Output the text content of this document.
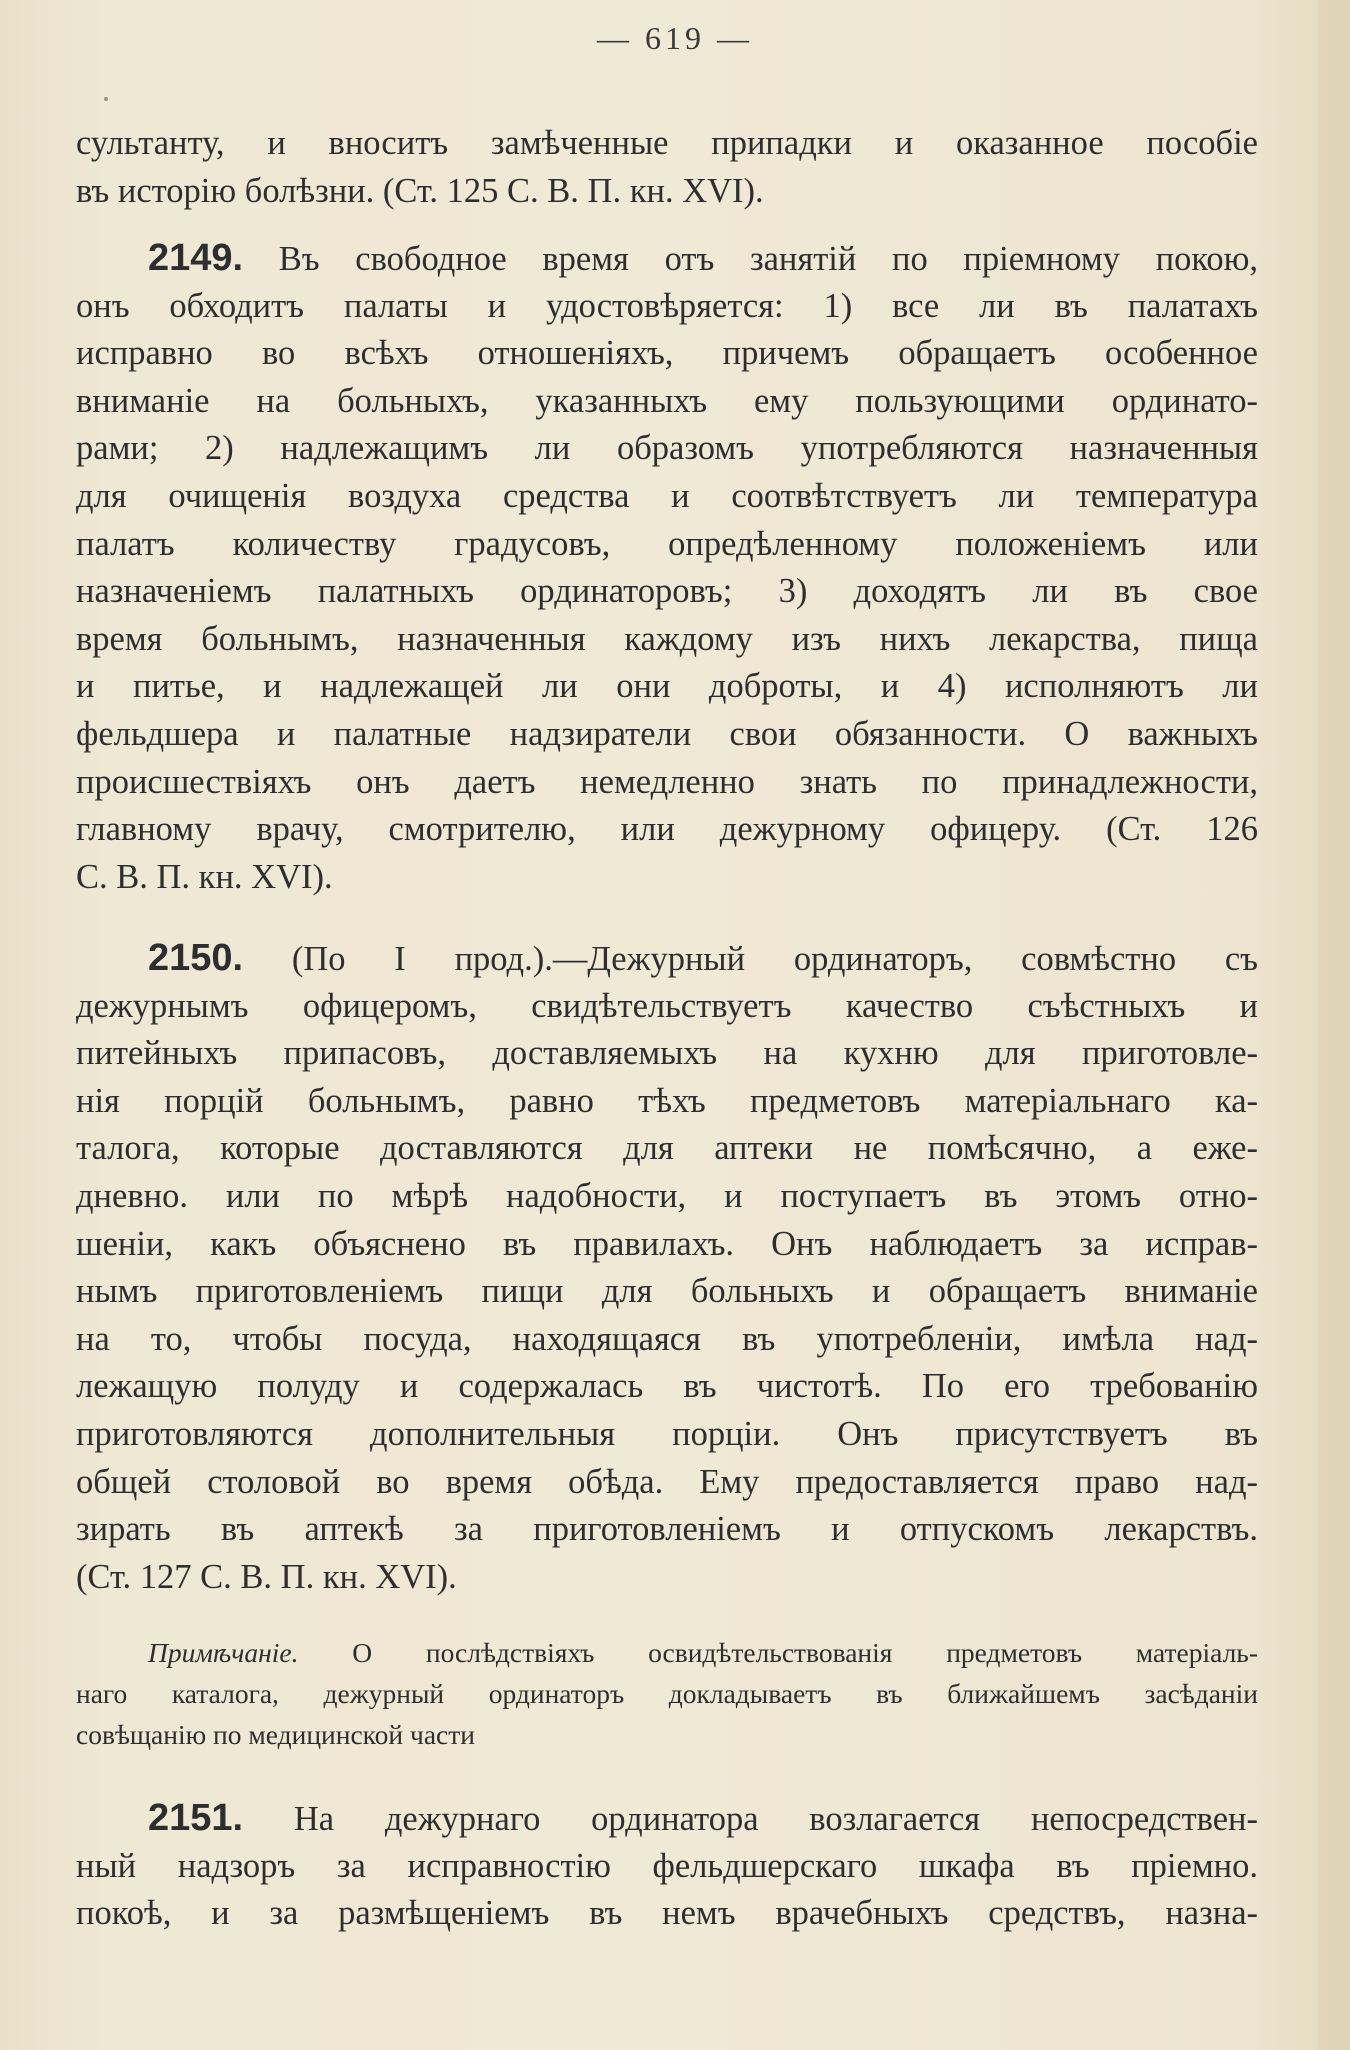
— 619 —
сультанту, и вноситъ замѣченные припадки и оказанное пособіе
въ исторію болѣзни. (Ст. 125 С. В. П. кн. XVI).
2149. Въ свободное время отъ занятій по пріемному покою,
онъ обходитъ палаты и удостовѣряется: 1) все ли въ палатахъ
исправно во всѣхъ отношеніяхъ, причемъ обращаетъ особенное
вниманіе на больныхъ, указанныхъ ему пользующими ординато-
рами; 2) надлежащимъ ли образомъ употребляются назначенныя
для очищенія воздуха средства и соотвѣтствуетъ ли температура
палатъ количеству градусовъ, опредѣленному положеніемъ или
назначеніемъ палатныхъ ординаторовъ; 3) доходятъ ли въ свое
время больнымъ, назначенныя каждому изъ нихъ лекарства, пища
и питье, и надлежащей ли они доброты, и 4) исполняютъ ли
фельдшера и палатные надзиратели свои обязанности. О важныхъ
происшествіяхъ онъ даетъ немедленно знать по принадлежности,
главному врачу, смотрителю, или дежурному офицеру. (Ст. 126
С. В. П. кн. XVI).
2150. (По I прод.).—Дежурный ординаторъ, совмѣстно съ
дежурнымъ офицеромъ, свидѣтельствуетъ качество съѣстныхъ и
питейныхъ припасовъ, доставляемыхъ на кухню для приготовле-
нія порцій больнымъ, равно тѣхъ предметовъ матеріальнаго ка-
талога, которые доставляются для аптеки не помѣсячно, а еже-
дневно. или по мѣрѣ надобности, и поступаетъ въ этомъ отно-
шеніи, какъ объяснено въ правилахъ. Онъ наблюдаетъ за исправ-
нымъ приготовленіемъ пищи для больныхъ и обращаетъ вниманіе
на то, чтобы посуда, находящаяся въ употребленіи, имѣла над-
лежащую полуду и содержалась въ чистотѣ. По его требованію
приготовляются дополнительныя порціи. Онъ присутствуетъ въ
общей столовой во время обѣда. Ему предоставляется право над-
зирать въ аптекѣ за приготовленіемъ и отпускомъ лекарствъ.
(Ст. 127 С. В. П. кн. XVI).
Примѣчаніе. О послѣдствіяхъ освидѣтельствованія предметовъ матеріаль-
наго каталога, дежурный ординаторъ докладываетъ въ ближайшемъ засѣданіи
совѣщанію по медицинской части
2151. На дежурнаго ординатора возлагается непосредствен-
ный надзоръ за исправностію фельдшерскаго шкафа въ пріемно.
покоѣ, и за размѣщеніемъ въ немъ врачебныхъ средствъ, назна-
